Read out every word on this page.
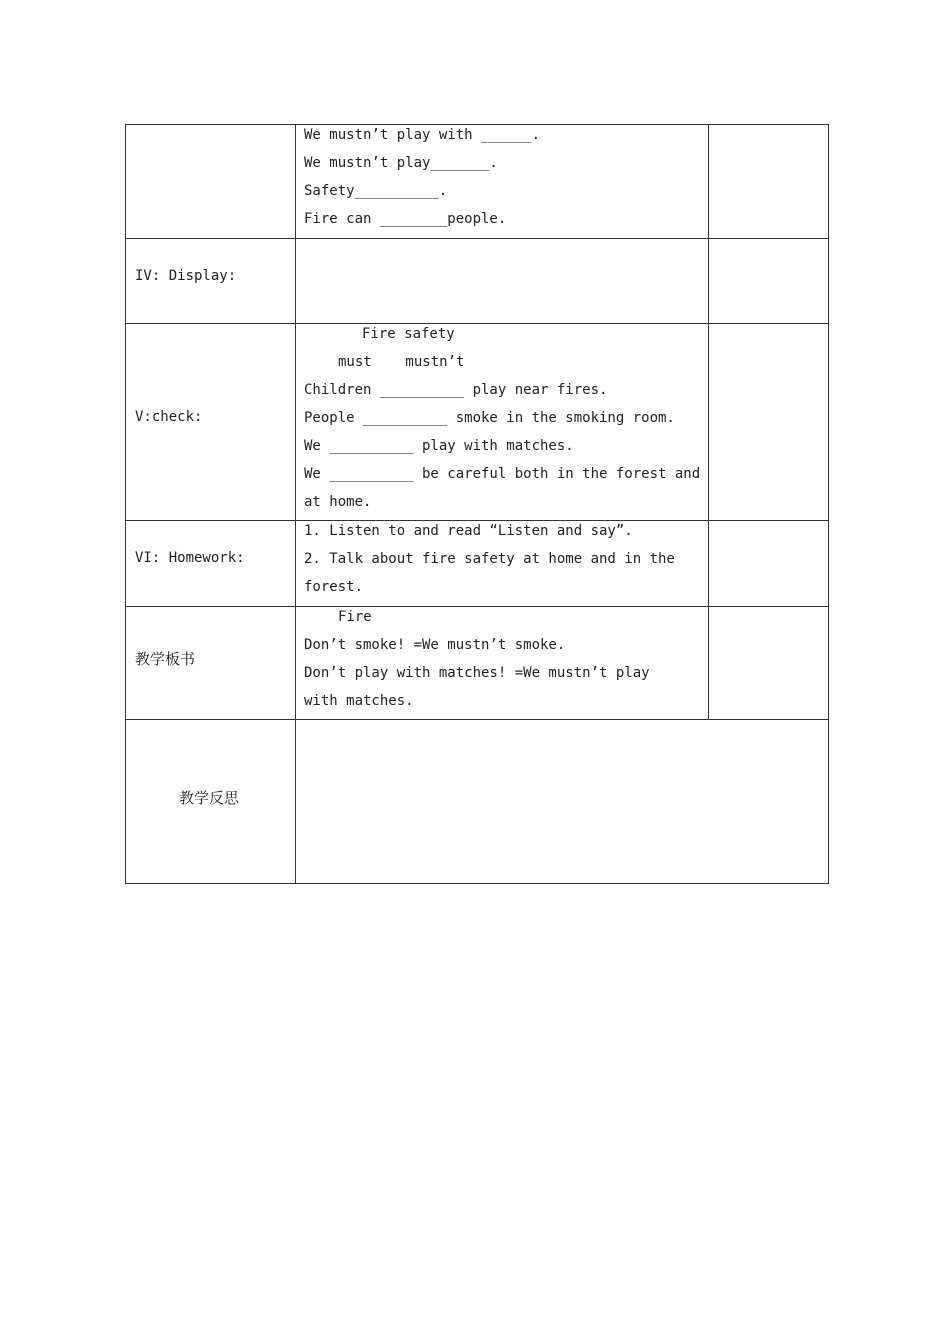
We mustn’t play with ______.
We mustn’t play_______.
Safety__________.
Fire can ________people.
IV: Display:
V:check:
Fire safety
must    mustn’t
Children __________ play near fires.
People __________ smoke in the smoking room.
We __________ play with matches.
We __________ be careful both in the forest and
at home.
VI: Homework:
1. Listen to and read “Listen and say”.
2. Talk about fire safety at home and in the
forest.
教学板书
Fire
Don’t smoke! =We mustn’t smoke.
Don’t play with matches! =We mustn’t play
with matches.
教学反思
